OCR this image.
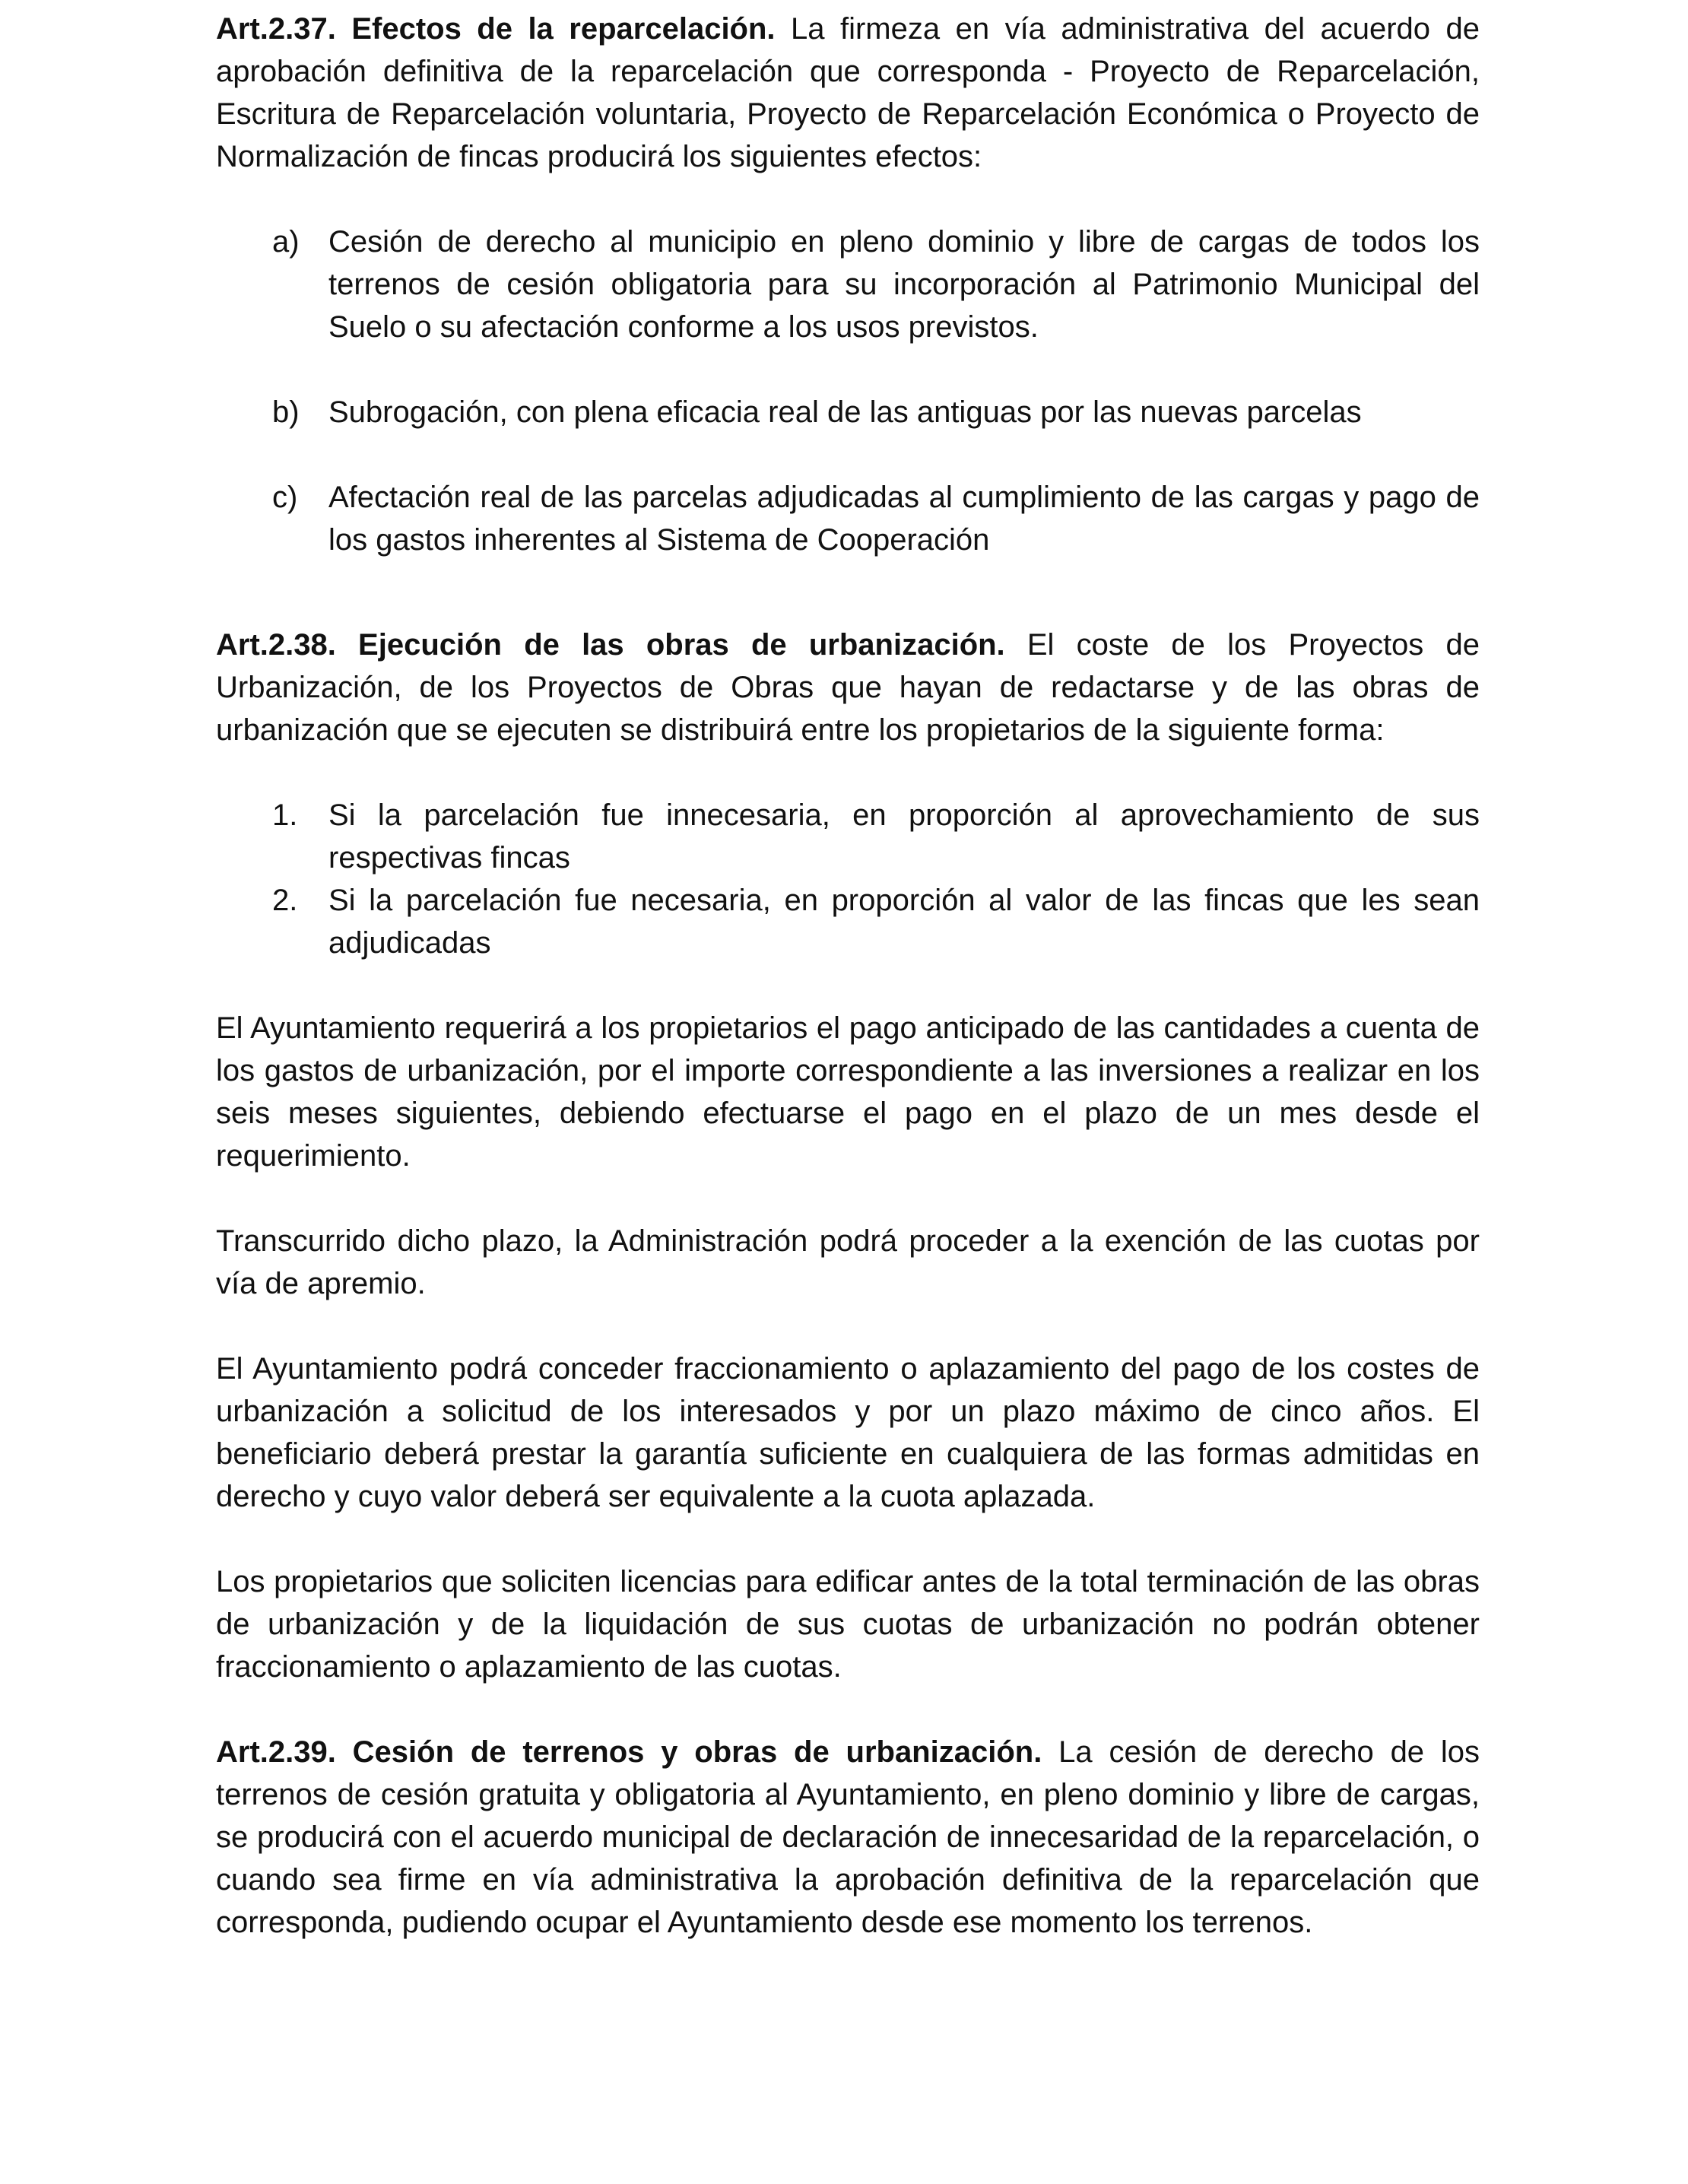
Art.2.37. Efectos de la reparcelación. La firmeza en vía administrativa del acuerdo de aprobación definitiva de la reparcelación que corresponda - Proyecto de Reparcelación, Escritura de Reparcelación voluntaria, Proyecto de Reparcelación Económica o Proyecto de Normalización de fincas producirá los siguientes efectos:

a) Cesión de derecho al municipio en pleno dominio y libre de cargas de todos los terrenos de cesión obligatoria para su incorporación al Patrimonio Municipal del Suelo o su afectación conforme a los usos previstos.
b) Subrogación, con plena eficacia real de las antiguas por las nuevas parcelas
c) Afectación real de las parcelas adjudicadas al cumplimiento de las cargas y pago de los gastos inherentes al Sistema de Cooperación

Art.2.38. Ejecución de las obras de urbanización. El coste de los Proyectos de Urbanización, de los Proyectos de Obras que hayan de redactarse y de las obras de urbanización que se ejecuten se distribuirá entre los propietarios de la siguiente forma:

1. Si la parcelación fue innecesaria, en proporción al aprovechamiento de sus respectivas fincas
2. Si la parcelación fue necesaria, en proporción al valor de las fincas que les sean adjudicadas

El Ayuntamiento requerirá a los propietarios el pago anticipado de las cantidades a cuenta de los gastos de urbanización, por el importe correspondiente a las inversiones a realizar en los seis meses siguientes, debiendo efectuarse el pago en el plazo de un mes desde el requerimiento.

Transcurrido dicho plazo, la Administración podrá proceder a la exención de las cuotas por vía de apremio.

El Ayuntamiento podrá conceder fraccionamiento o aplazamiento del pago de los costes de urbanización a solicitud de los interesados y por un plazo máximo de cinco años. El beneficiario deberá prestar la garantía suficiente en cualquiera de las formas admitidas en derecho y cuyo valor deberá ser equivalente a la cuota aplazada.

Los propietarios que soliciten licencias para edificar antes de la total terminación de las obras de urbanización y de la liquidación de sus cuotas de urbanización no podrán obtener fraccionamiento o aplazamiento de las cuotas.

Art.2.39. Cesión de terrenos y obras de urbanización. La cesión de derecho de los terrenos de cesión gratuita y obligatoria al Ayuntamiento, en pleno dominio y libre de cargas, se producirá con el acuerdo municipal de declaración de innecesaridad de la reparcelación, o cuando sea firme en vía administrativa la aprobación definitiva de la reparcelación que corresponda, pudiendo ocupar el Ayuntamiento desde ese momento los terrenos.
